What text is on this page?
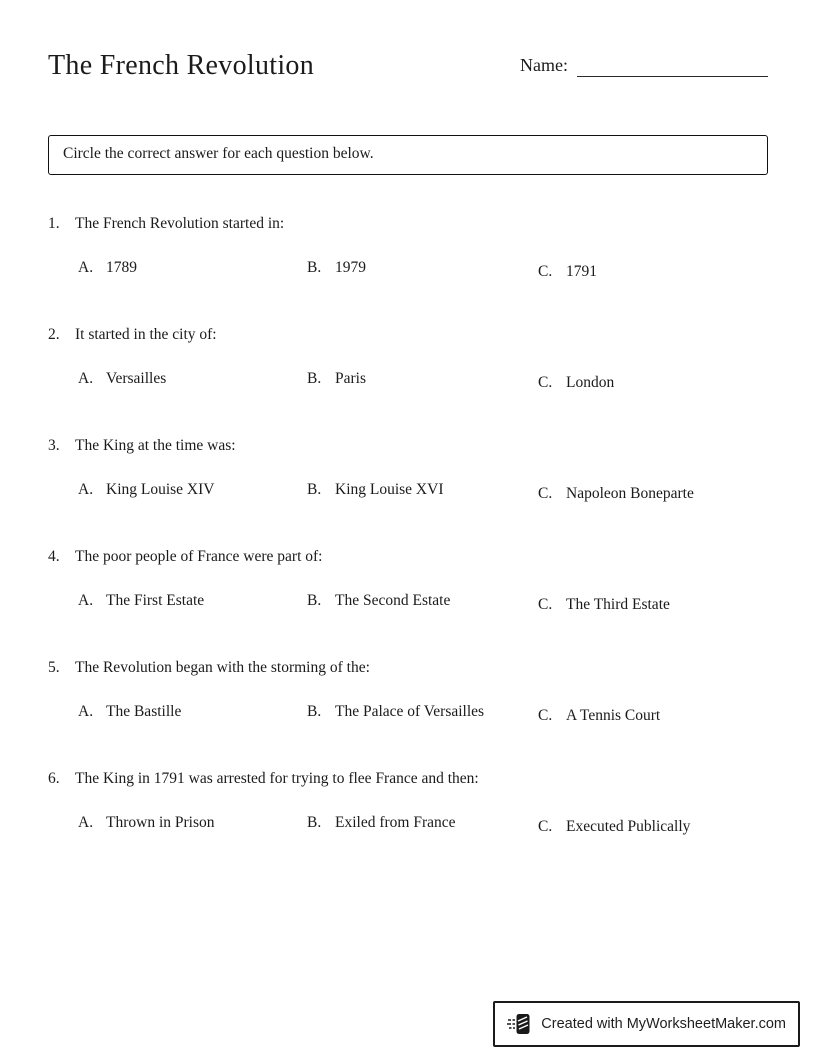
The French Revolution	Name:
Circle the correct answer for each question below.
1. The French Revolution started in:
A. 1789	B. 1979	C. 1791
2. It started in the city of:
A. Versailles	B. Paris	C. London
3. The King at the time was:
A. King Louise XIV	B. King Louise XVI	C. Napoleon Boneparte
4. The poor people of France were part of:
A. The First Estate	B. The Second Estate	C. The Third Estate
5. The Revolution began with the storming of the:
A. The Bastille	B. The Palace of Versailles	C. A Tennis Court
6. The King in 1791 was arrested for trying to flee France and then:
A. Thrown in Prison	B. Exiled from France	C. Executed Publically
Created with MyWorksheetMaker.com
